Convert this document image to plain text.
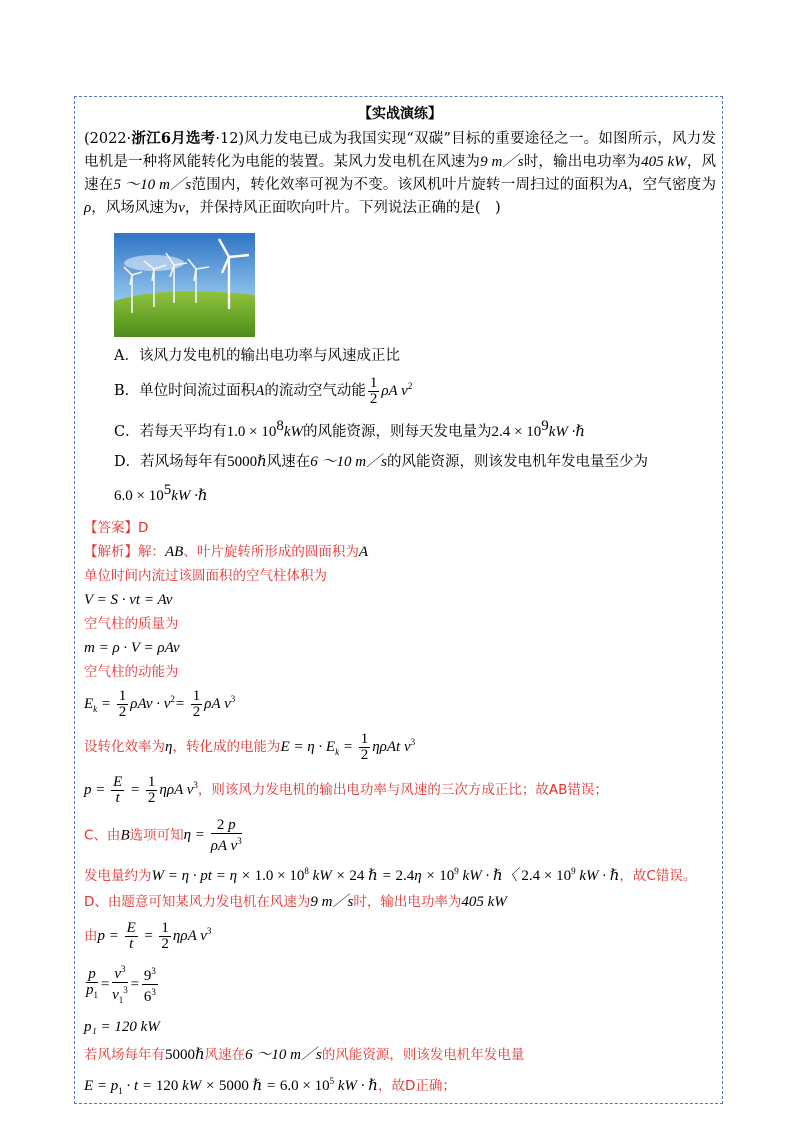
【实战演练】
(2022·浙江6月选考·12)风力发电已成为我国实现“双碳”目标的重要途径之一。如图所示，风力发电机是一种将风能转化为电能的装置。某风力发电机在风速为9 m／s时，输出电功率为405 kW，风速在5 ～10 m／s范围内，转化效率可视为不变。该风机叶片旋转一周扫过的面积为A，空气密度为ρ，风场风速为v，并保持风正面吹向叶片。下列说法正确的是(　)
A．该风力发电机的输出电功率与风速成正比
B．单位时间流过面积A的流动空气动能 $\frac{1}{2}$ ρA $v^2$
C．若每天平均有$1.0 \times 10^8kW$的风能资源，则每天发电量为$2.4 \times 10^9kW$ ·ℏ
D．若风场每年有5000ℏ风速在6 ～10 m／s的风能资源，则该发电机年发电量至少为
$6.0 \times 10^5kW$ ·ℏ
【答案】D
【解析】解：AB、叶片旋转所形成的圆面积为A
单位时间内流过该圆面积的空气柱体积为
V = S · vt = Av
空气柱的质量为
m = ρ · V = ρAv
空气柱的动能为
$E_k = \frac{1}{2}$ $\rho Av \cdot v^2= \frac{1}{2}$ ρA $v^3$
设转化效率为η，转化成的电能为$E = \eta \cdot E_k = \frac{1}{2}$ ηρAt $v^3$
$p = \frac{E}{t} = \frac{1}{2}$ ηρA $v^3$，则该风力发电机的输出电功率与风速的三次方成正比；故AB错误；
C、由B选项可知$\eta = \frac{2 p}{\rho A v^3}$
发电量约为W = η · pt = $\eta \times 1.0 \times 10^8$ kW × 24 ℏ = $2.4\eta \times 10^9$ kW · ℏ〈 $2.4 \times 10^9$ kW · ℏ，故C错误。
D、由题意可知某风力发电机在风速为9 m／s时，输出电功率为405 kW
由$p = \frac{E}{t} = \frac{1}{2}$ ηρA $v^3$
$\frac{p}{p_1} = \frac{v^3}{v_1^3} = \frac{9^3}{6^3}$
p₁ = 120 kW
若风场每年有5000ℏ风速在6 ～10 m／s的风能资源，则该发电机年发电量
$E = p_1 \cdot t = 120$ kW × 5000 ℏ = $6.0 \times 10^5$ kW · ℏ，故D正确；
